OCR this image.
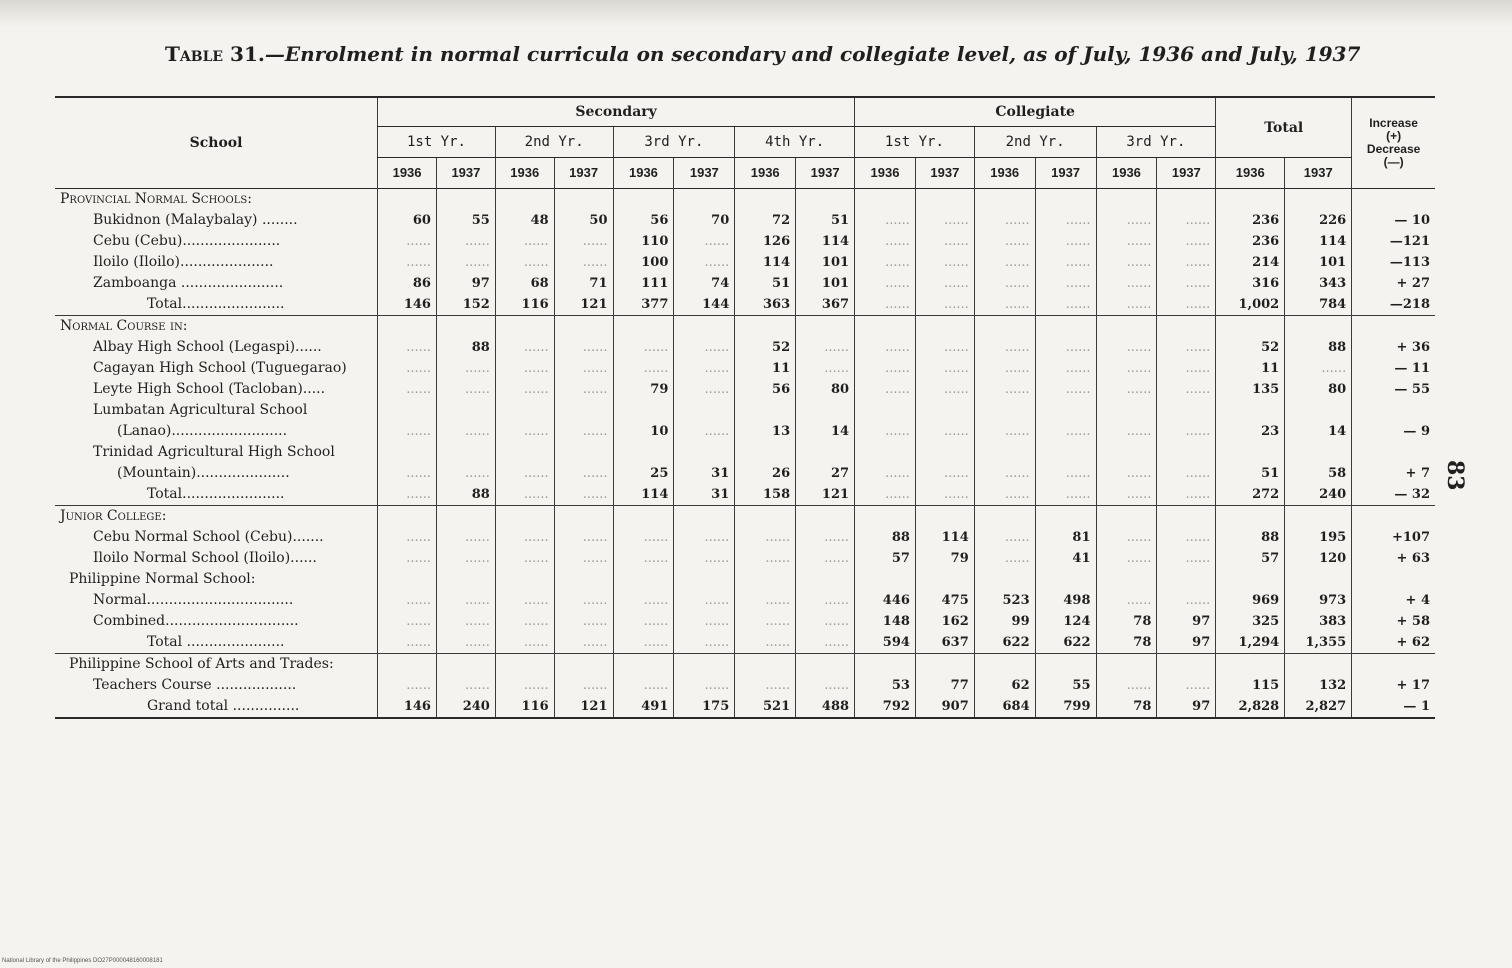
Table 31.—Enrolment in normal curricula on secondary and collegiate level, as of July, 1936 and July, 1937
School	Secondary								Collegiate						Total		Increase
(+)
Decrease
(—)

	1st Yr.		2nd Yr.		3rd Yr.		4th Yr.		1st Yr.		2nd Yr.		3rd Yr.				
	1936	1937	1936	1937	1936	1937	1936	1937	1936	1937	1936	1937	1936	1937	1936	1937	
Provincial Normal Schools:																	
Bukidnon (Malaybalay) ........	60	55	48	50	56	70	72	51	......	......	......	......	......	......	236	226	— 10
Cebu (Cebu)......................	......	......	......	......	110	......	126	114	......	......	......	......	......	......	236	114	—121
Iloilo (Iloilo).....................	......	......	......	......	100	......	114	101	......	......	......	......	......	......	214	101	—113
Zamboanga .......................	86	97	68	71	111	74	51	101	......	......	......	......	......	......	316	343	+ 27
Total.......................	146	152	116	121	377	144	363	367	......	......	......	......	......	......	1,002	784	—218
Normal Course in:																	
Albay High School (Legaspi)......	......	88	......	......	......	......	52	......	......	......	......	......	......	......	52	88	+ 36
Cagayan High School (Tuguegarao)	......	......	......	......	......	......	11	......	......	......	......	......	......	......	11	......	— 11
Leyte High School (Tacloban).....	......	......	......	......	79	......	56	80	......	......	......	......	......	......	135	80	— 55
Lumbatan Agricultural School																	
(Lanao)..........................	......	......	......	......	10	......	13	14	......	......	......	......	......	......	23	14	— 9
Trinidad Agricultural High School																	
(Mountain).....................	......	......	......	......	25	31	26	27	......	......	......	......	......	......	51	58	+ 7
Total.......................	......	88	......	......	114	31	158	121	......	......	......	......	......	......	272	240	— 32
Junior College:																	
Cebu Normal School (Cebu).......	......	......	......	......	......	......	......	......	88	114	......	81	......	......	88	195	+107
Iloilo Normal School (Iloilo)......	......	......	......	......	......	......	......	......	57	79	......	41	......	......	57	120	+ 63
Philippine Normal School:																	
Normal.................................	......	......	......	......	......	......	......	......	446	475	523	498	......	......	969	973	+ 4
Combined..............................	......	......	......	......	......	......	......	......	148	162	99	124	78	97	325	383	+ 58
Total ......................	......	......	......	......	......	......	......	......	594	637	622	622	78	97	1,294	1,355	+ 62
Philippine School of Arts and Trades:																	
Teachers Course ..................	......	......	......	......	......	......	......	......	53	77	62	55	......	......	115	132	+ 17
Grand total ...............	146	240	116	121	491	175	521	488	792	907	684	799	78	97	2,828	2,827	— 1
83
National Library of the Philippines DO27P000048160008181
